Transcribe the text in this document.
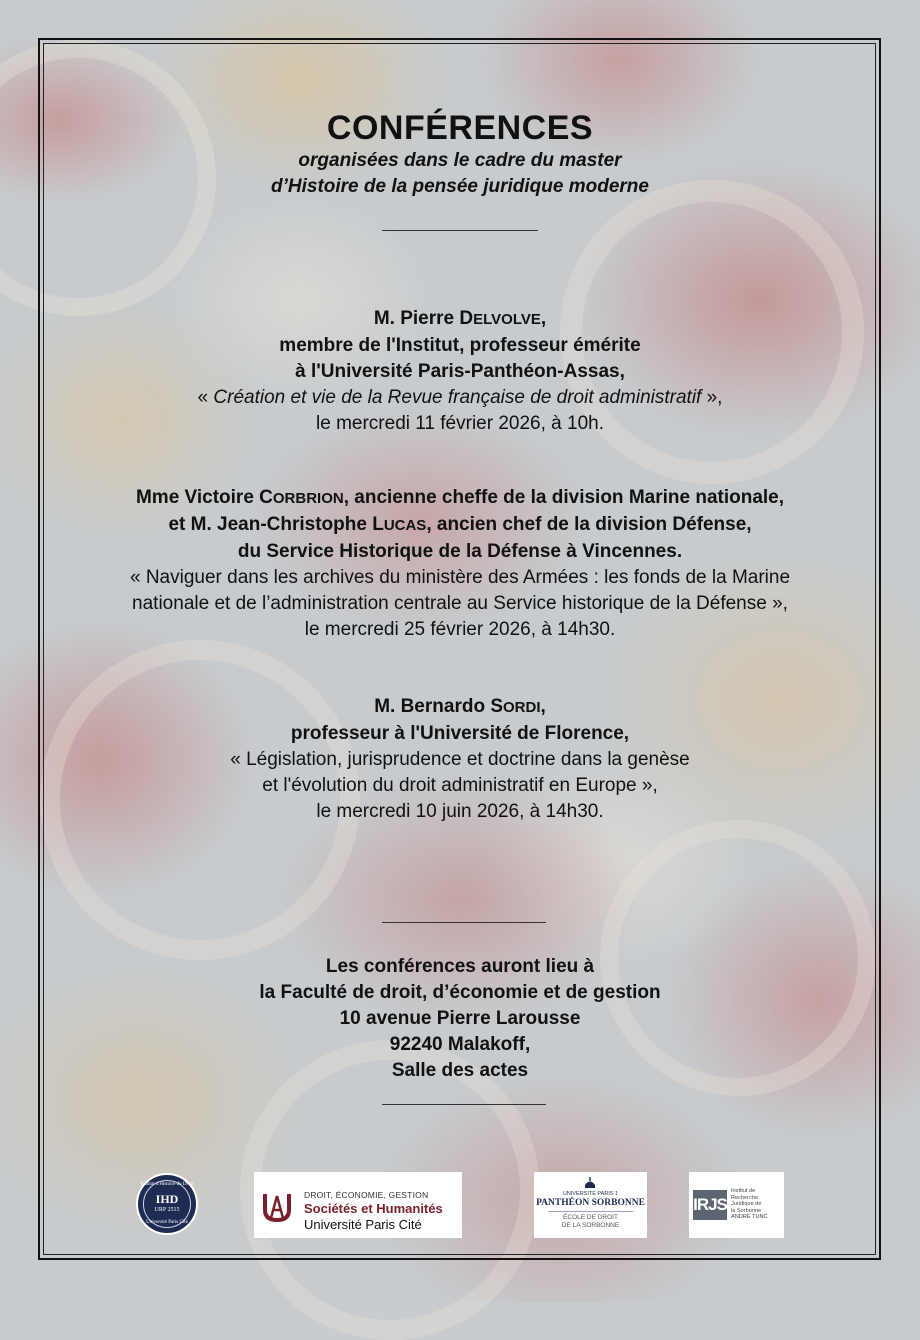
CONFÉRENCES
organisées dans le cadre du master
d’Histoire de la pensée juridique moderne
M. Pierre DELVOLVE,
membre de l'Institut, professeur émérite
à l'Université Paris-Panthéon-Assas,
« Création et vie de la Revue française de droit administratif »,
le mercredi 11 février 2026, à 10h.
Mme Victoire CORBRION, ancienne cheffe de la division Marine nationale,
et M. Jean-Christophe LUCAS, ancien chef de la division Défense,
du Service Historique de la Défense à Vincennes.
« Naviguer dans les archives du ministère des Armées : les fonds de la Marine
nationale et de l’administration centrale au Service historique de la Défense »,
le mercredi 25 février 2026, à 14h30.
M. Bernardo SORDI,
professeur à l'Université de Florence,
« Législation, jurisprudence et doctrine dans la genèse
et l'évolution du droit administratif en Europe »,
le mercredi 10 juin 2026, à 14h30.
Les conférences auront lieu à
la Faculté de droit, d’économie et de gestion
10 avenue Pierre Larousse
92240 Malakoff,
Salle des actes
Institut d'Histoire du Droit
IHD
URP 2515
Université Paris Cité
DROIT, ÉCONOMIE, GESTION
Sociétés et Humanités
Université Paris Cité
UNIVERSITÉ PARIS 1
PANTHÉON SORBONNE
ÉCOLE DE DROIT
DE LA SORBONNE
IRJS
Institut de
Recherche
Juridique de
la Sorbonne
ANDRÉ TUNC
